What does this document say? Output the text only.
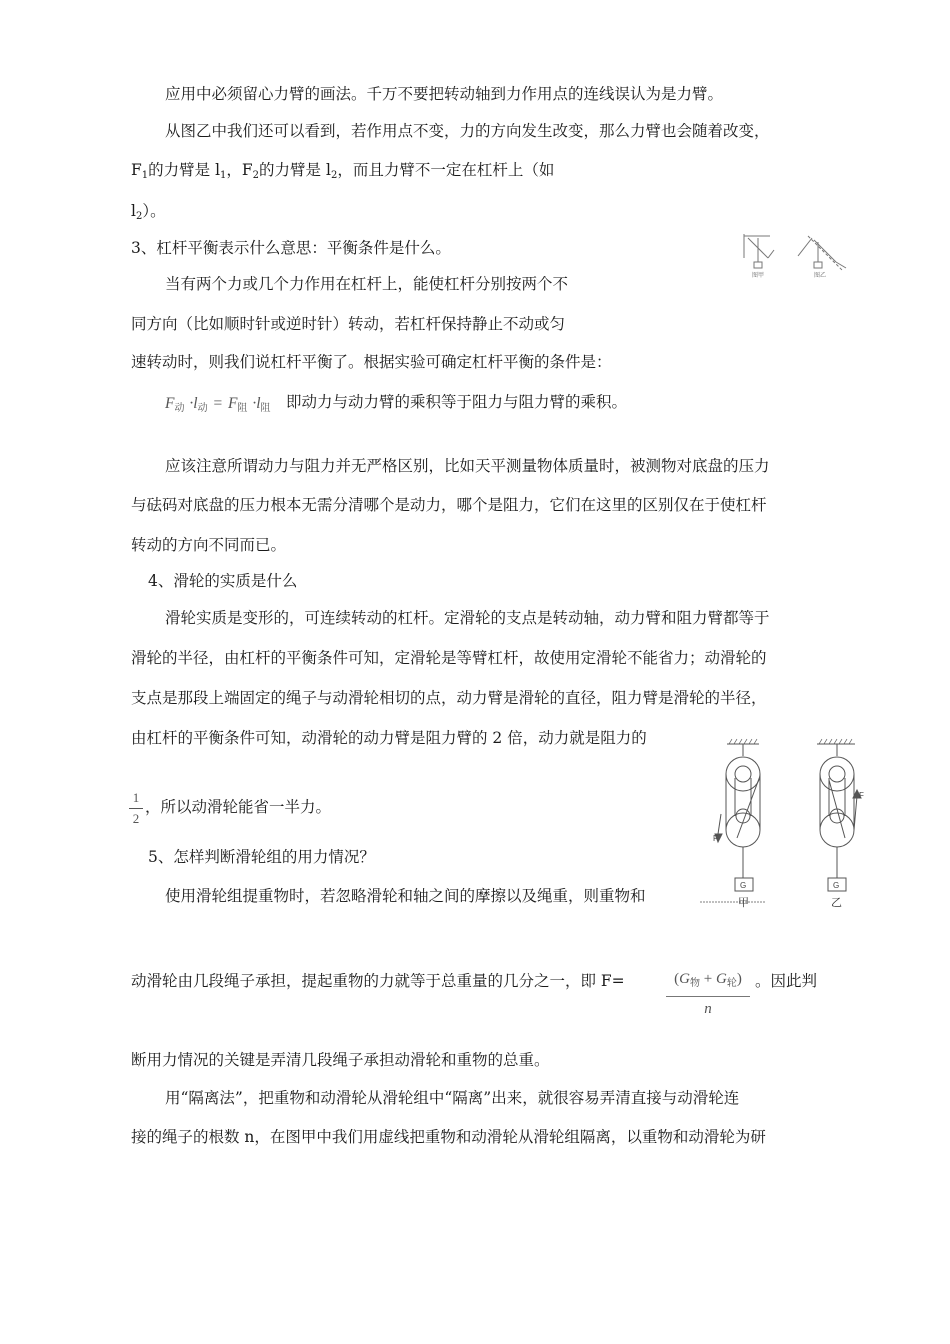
应用中必须留心力臂的画法。千万不要把转动轴到力作用点的连线误认为是力臂。
从图乙中我们还可以看到，若作用点不变，力的方向发生改变，那么力臂也会随着改变，
$F_1$的力臂是 $l_1$，$F_2$的力臂是 $l_2$，而且力臂不一定在杠杆上（如
$l_2$）。
3、杠杆平衡表示什么意思：平衡条件是什么。
图甲	图乙
当有两个力或几个力作用在杠杆上，能使杠杆分别按两个不
同方向（比如顺时针或逆时针）转动，若杠杆保持静止不动或匀
速转动时，则我们说杠杆平衡了。根据实验可确定杠杆平衡的条件是：
F动 ·l动 = F阻 ·l阻 即动力与动力臂的乘积等于阻力与阻力臂的乘积。
应该注意所谓动力与阻力并无严格区别，比如天平测量物体质量时，被测物对底盘的压力
与砝码对底盘的压力根本无需分清哪个是动力，哪个是阻力，它们在这里的区别仅在于使杠杆
转动的方向不同而已。
4、滑轮的实质是什么
滑轮实质是变形的，可连续转动的杠杆。定滑轮的支点是转动轴，动力臂和阻力臂都等于
滑轮的半径，由杠杆的平衡条件可知，定滑轮是等臂杠杆，故使用定滑轮不能省力；动滑轮的
支点是那段上端固定的绳子与动滑轮相切的点，动力臂是滑轮的直径，阻力臂是滑轮的半径，
由杠杆的平衡条件可知，动滑轮的动力臂是阻力臂的 2 倍，动力就是阻力的
1
2
，所以动滑轮能省一半力。
5、怎样判断滑轮组的用力情况？
使用滑轮组提重物时，若忽略滑轮和轴之间的摩擦以及绳重，则重物和
F
F
G	G
甲	乙
动滑轮由几段绳子承担，提起重物的力就等于总重量的几分之一，即 F=	$(G_物 + G_轮)$
n
。因此判
断用力情况的关键是弄清几段绳子承担动滑轮和重物的总重。
用“隔离法”，把重物和动滑轮从滑轮组中“隔离”出来，就很容易弄清直接与动滑轮连
接的绳子的根数 n，在图甲中我们用虚线把重物和动滑轮从滑轮组隔离，以重物和动滑轮为研
